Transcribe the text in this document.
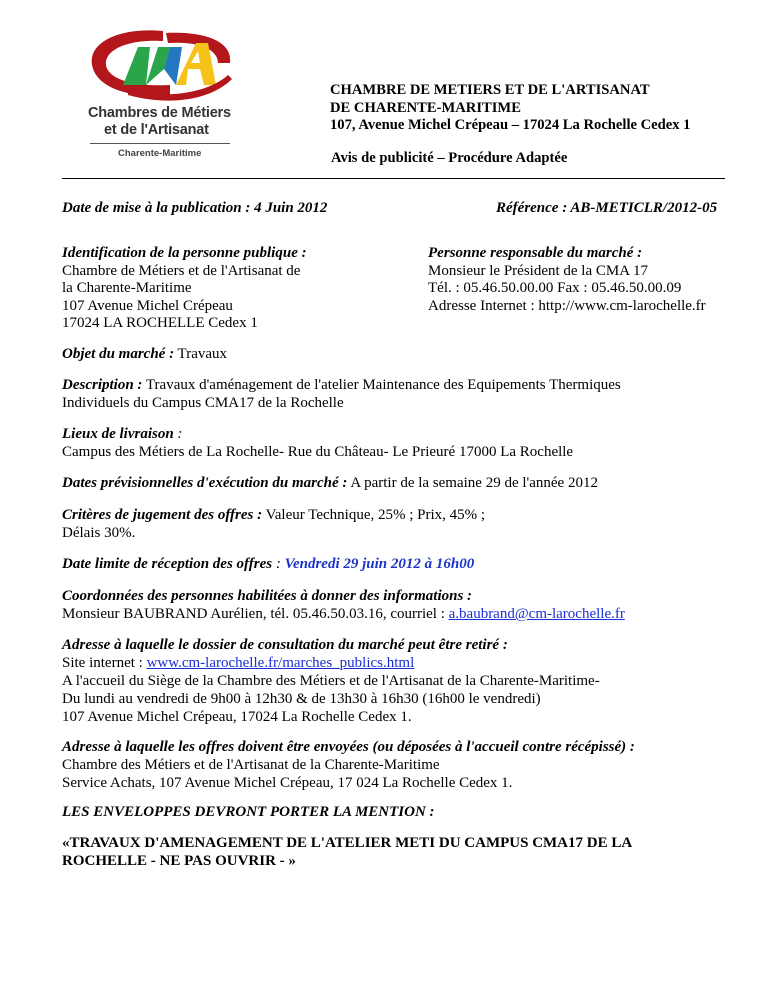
Chambres de Métiers
et de l'Artisanat
Charente-Maritime
CHAMBRE DE METIERS ET DE L'ARTISANAT
DE CHARENTE-MARITIME
107, Avenue Michel Crépeau – 17024 La Rochelle Cedex 1
Avis de publicité – Procédure Adaptée
Date de mise à la publication : 4 Juin 2012	Référence : AB-METICLR/2012-05
Identification de la personne publique :
Chambre de Métiers et de l'Artisanat de
la Charente-Maritime
107 Avenue Michel Crépeau
17024 LA ROCHELLE Cedex 1
Personne responsable du marché :
Monsieur le Président de la CMA 17
Tél. : 05.46.50.00.00 Fax : 05.46.50.00.09
Adresse Internet : http://www.cm-larochelle.fr
Objet du marché : Travaux
Description : Travaux d'aménagement de l'atelier Maintenance des Equipements Thermiques
Individuels du Campus CMA17 de la Rochelle
Lieux de livraison :
Campus des Métiers de La Rochelle- Rue du Château- Le Prieuré 17000 La Rochelle
Dates prévisionnelles d'exécution du marché : A partir de la semaine 29 de l'année 2012
Critères de jugement des offres : Valeur Technique, 25% ; Prix, 45% ;
Délais 30%.
Date limite de réception des offres : Vendredi 29 juin 2012 à 16h00
Coordonnées des personnes habilitées à donner des informations :
Monsieur BAUBRAND Aurélien, tél. 05.46.50.03.16, courriel : a.baubrand@cm-larochelle.fr
Adresse à laquelle le dossier de consultation du marché peut être retiré :
Site internet : www.cm-larochelle.fr/marches_publics.html
A l'accueil du Siège de la Chambre des Métiers et de l'Artisanat de la Charente-Maritime-
Du lundi au vendredi de 9h00 à 12h30 & de 13h30 à 16h30 (16h00 le vendredi)
107 Avenue Michel Crépeau, 17024 La Rochelle Cedex 1.
Adresse à laquelle les offres doivent être envoyées (ou déposées à l'accueil contre récépissé) :
Chambre des Métiers et de l'Artisanat de la Charente-Maritime
Service Achats, 107 Avenue Michel Crépeau, 17 024 La Rochelle Cedex 1.
LES ENVELOPPES DEVRONT PORTER LA MENTION :
«TRAVAUX D'AMENAGEMENT DE L'ATELIER METI DU CAMPUS CMA17 DE LA
ROCHELLE - NE PAS OUVRIR - »
